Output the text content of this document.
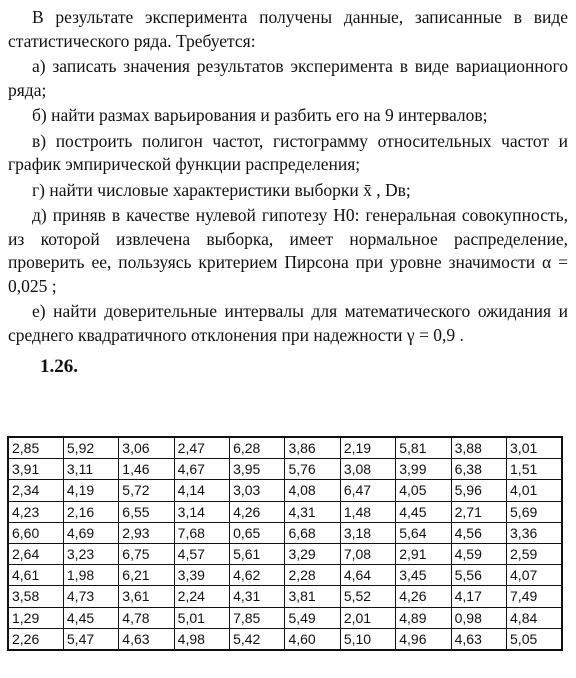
В результате эксперимента получены данные, записанные в виде статистического ряда. Требуется:

а) записать значения результатов эксперимента в виде вариационного ряда;

б) найти размах варьирования и разбить его на 9 интервалов;

в) построить полигон частот, гистограмму относительных частот и график эмпирической функции распределения;

г) найти числовые характеристики выборки x̄ , Dв;

д) приняв в качестве нулевой гипотезу H0: генеральная совокупность, из которой извлечена выборка, имеет нормальное распределение, проверить ее, пользуясь критерием Пирсона при уровне значимости α = 0,025 ;

е) найти доверительные интервалы для математического ожидания и среднего квадратичного отклонения при надежности γ = 0,9 .

1.26.
2,85	5,92	3,06	2,47	6,28	3,86	2,19	5,81	3,88	3,01
3,91	3,11	1,46	4,67	3,95	5,76	3,08	3,99	6,38	1,51
2,34	4,19	5,72	4,14	3,03	4,08	6,47	4,05	5,96	4,01
4,23	2,16	6,55	3,14	4,26	4,31	1,48	4,45	2,71	5,69
6,60	4,69	2,93	7,68	0,65	6,68	3,18	5,64	4,56	3,36
2,64	3,23	6,75	4,57	5,61	3,29	7,08	2,91	4,59	2,59
4,61	1,98	6,21	3,39	4,62	2,28	4,64	3,45	5,56	4,07
3,58	4,73	3,61	2,24	4,31	3,81	5,52	4,26	4,17	7,49
1,29	4,45	4,78	5,01	7,85	5,49	2,01	4,89	0,98	4,84
2,26	5,47	4,63	4,98	5,42	4,60	5,10	4,96	4,63	5,05
